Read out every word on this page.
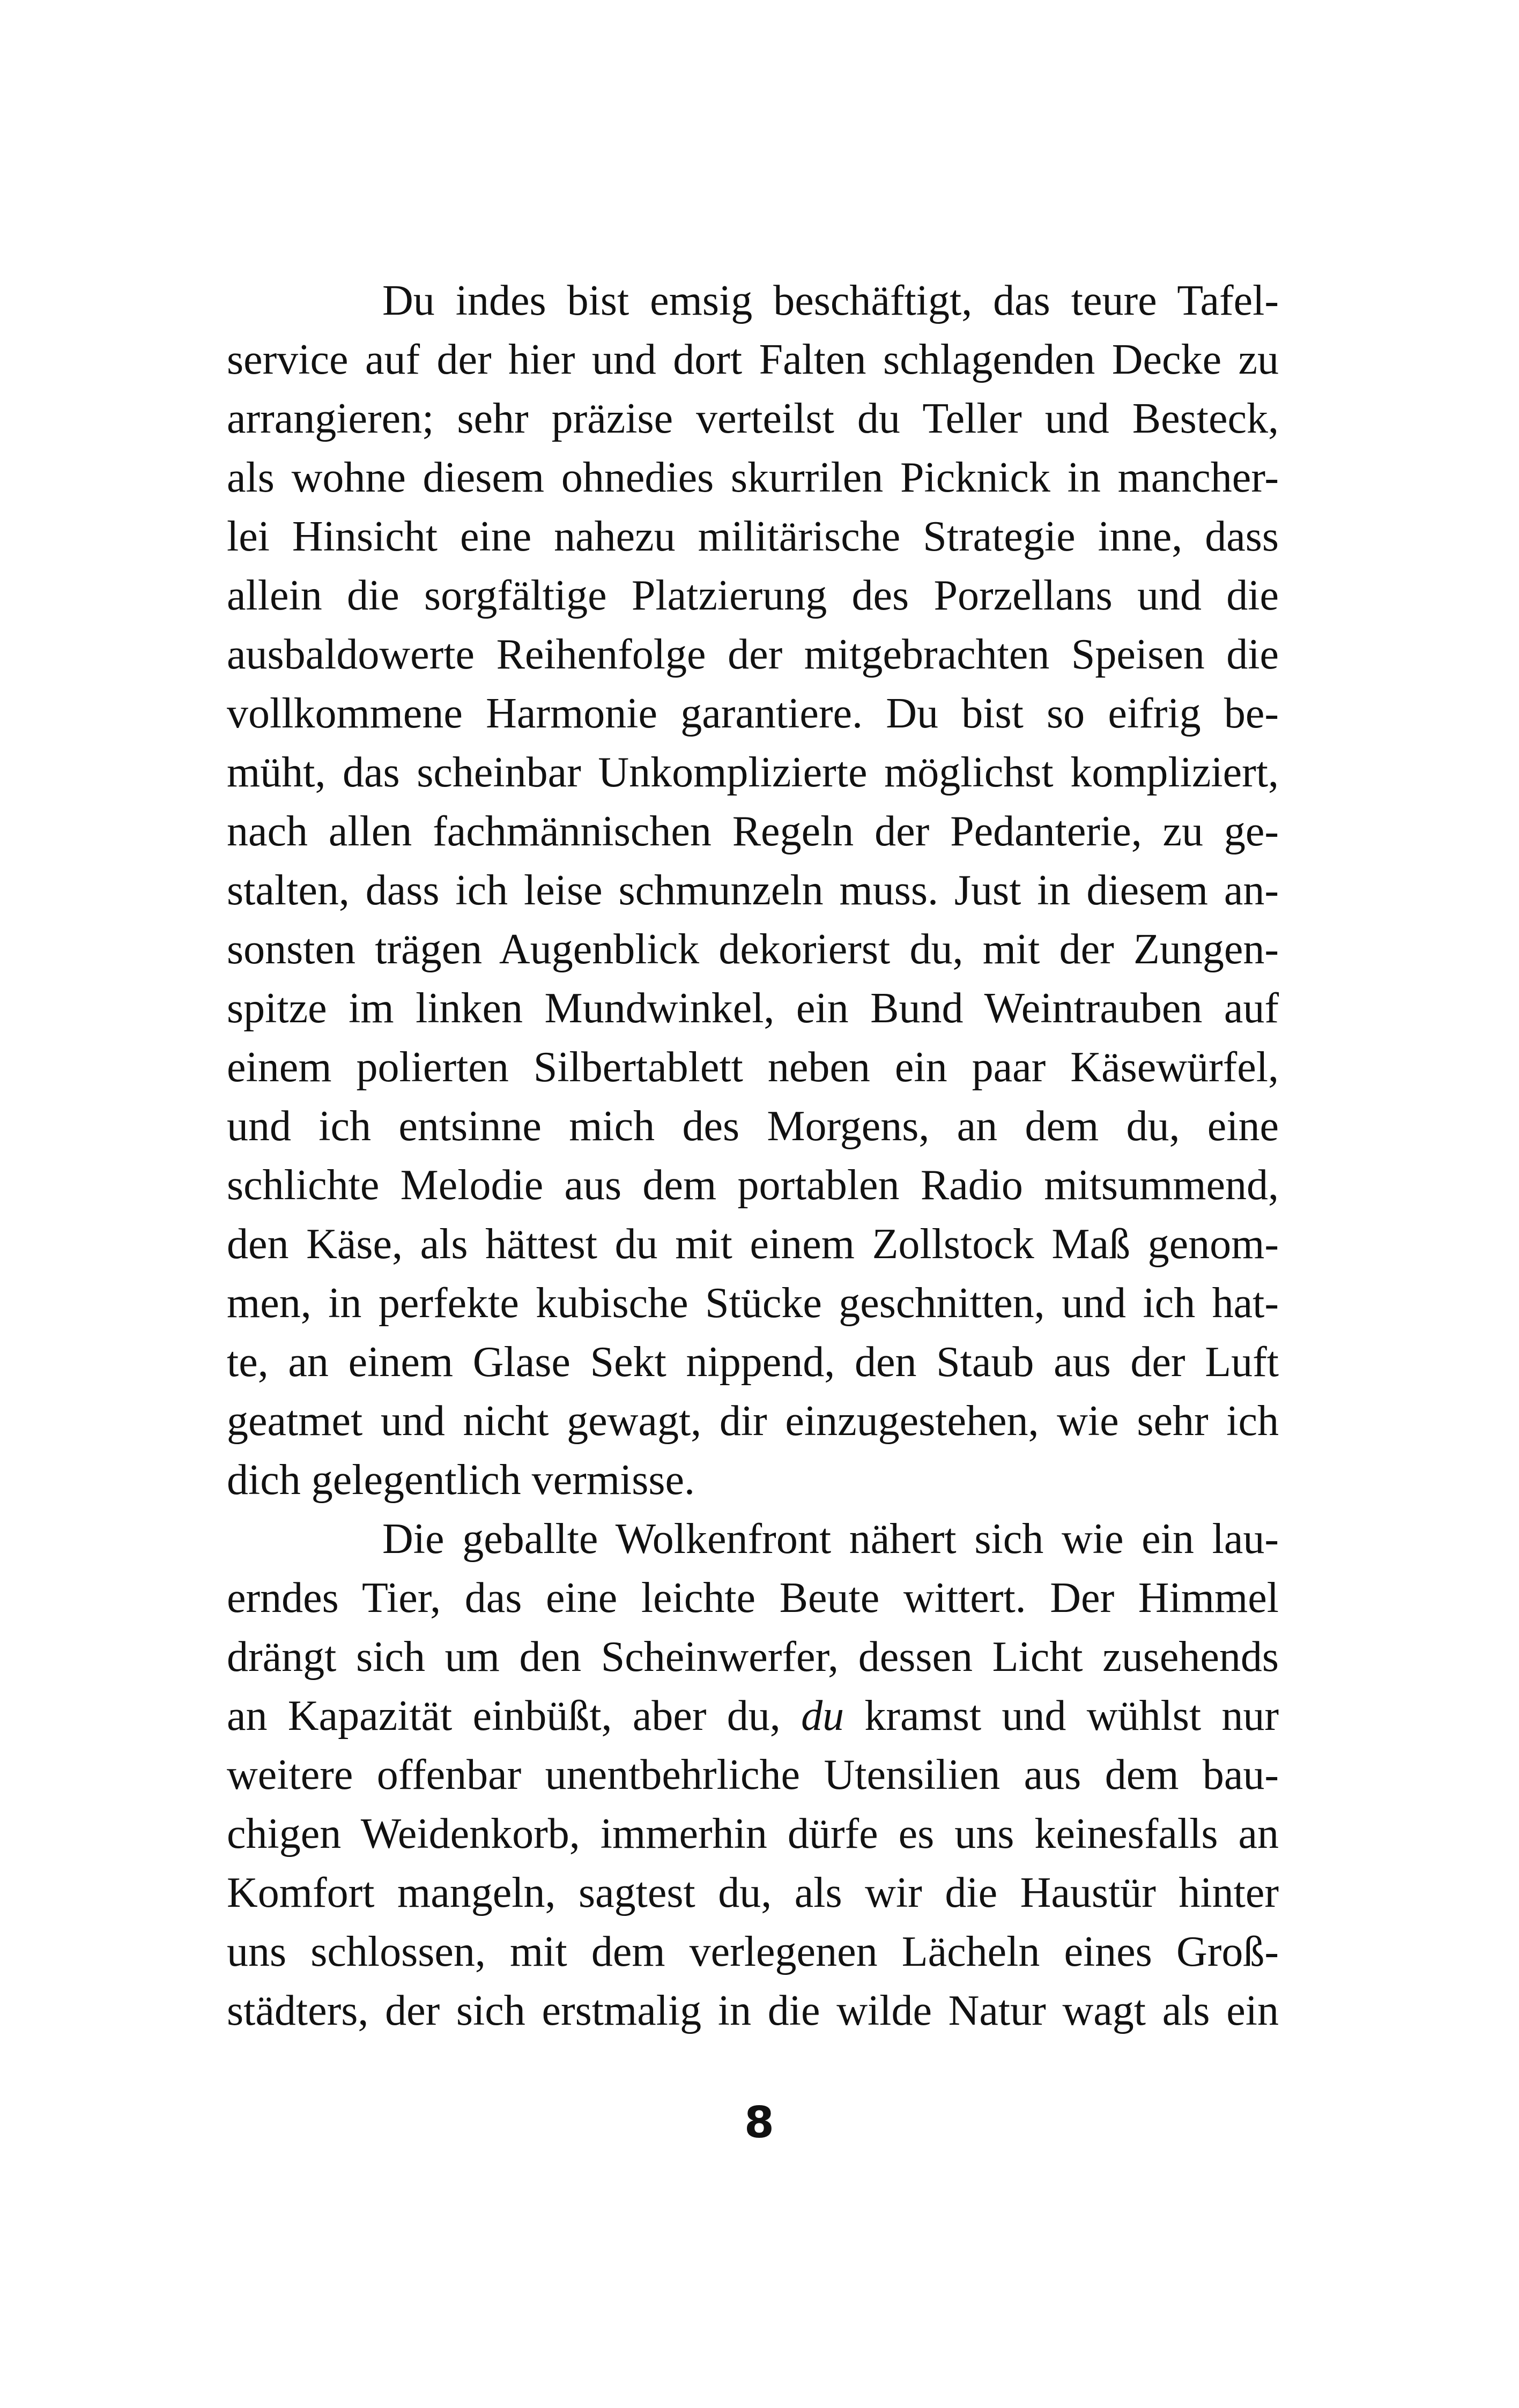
Du indes bist emsig beschäftigt, das teure Tafel-
service auf der hier und dort Falten schlagenden Decke zu
arrangieren; sehr präzise verteilst du Teller und Besteck,
als wohne diesem ohnedies skurrilen Picknick in mancher-
lei Hinsicht eine nahezu militärische Strategie inne, dass
allein die sorgfältige Platzierung des Porzellans und die
ausbaldowerte Reihenfolge der mitgebrachten Speisen die
vollkommene Harmonie garantiere. Du bist so eifrig be-
müht, das scheinbar Unkomplizierte möglichst kompliziert,
nach allen fachmännischen Regeln der Pedanterie, zu ge-
stalten, dass ich leise schmunzeln muss. Just in diesem an-
sonsten trägen Augenblick dekorierst du, mit der Zungen-
spitze im linken Mundwinkel, ein Bund Weintrauben auf
einem polierten Silbertablett neben ein paar Käsewürfel,
und ich entsinne mich des Morgens, an dem du, eine
schlichte Melodie aus dem portablen Radio mitsummend,
den Käse, als hättest du mit einem Zollstock Maß genom-
men, in perfekte kubische Stücke geschnitten, und ich hat-
te, an einem Glase Sekt nippend, den Staub aus der Luft
geatmet und nicht gewagt, dir einzugestehen, wie sehr ich
dich gelegentlich vermisse.
Die geballte Wolkenfront nähert sich wie ein lau-
erndes Tier, das eine leichte Beute wittert. Der Himmel
drängt sich um den Scheinwerfer, dessen Licht zusehends
an Kapazität einbüßt, aber du, du kramst und wühlst nur
weitere offenbar unentbehrliche Utensilien aus dem bau-
chigen Weidenkorb, immerhin dürfe es uns keinesfalls an
Komfort mangeln, sagtest du, als wir die Haustür hinter
uns schlossen, mit dem verlegenen Lächeln eines Groß-
städters, der sich erstmalig in die wilde Natur wagt als ein
8
